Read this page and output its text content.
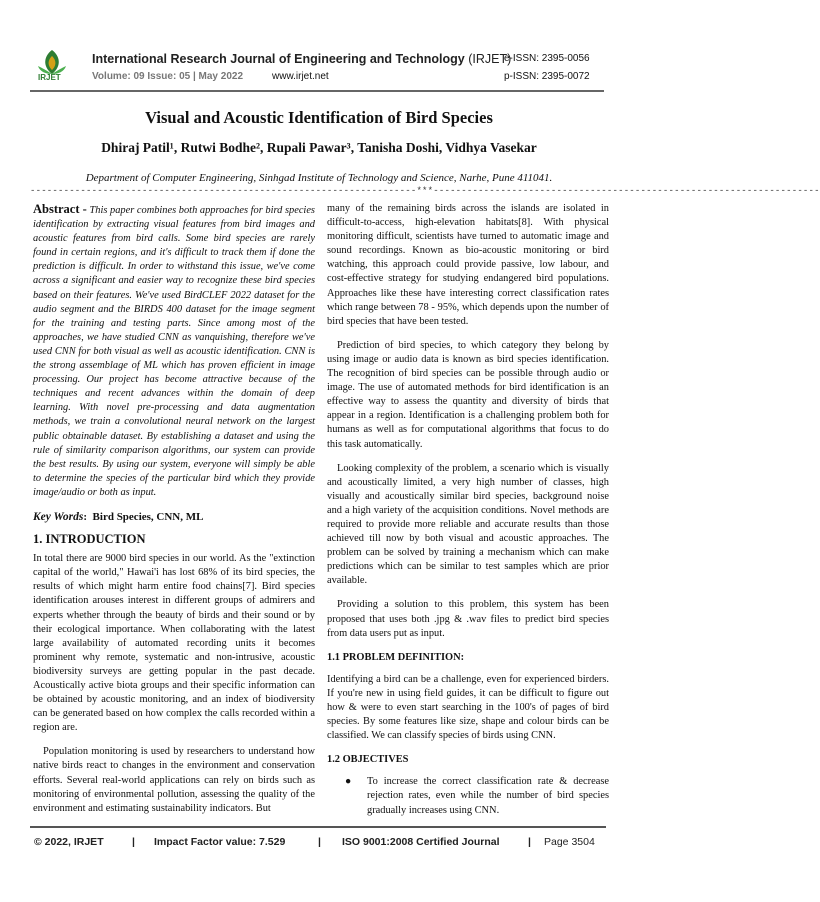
IRJET
International Research Journal of Engineering and Technology (IRJET)
e-ISSN: 2395-0056
Volume: 09 Issue: 05 | May 2022	www.irjet.net	p-ISSN: 2395-0072
Visual and Acoustic Identification of Bird Species
Dhiraj Patil¹, Rutwi Bodhe², Rupali Pawar³, Tanisha Doshi, Vidhya Vasekar
Department of Computer Engineering, Sinhgad Institute of Technology and Science, Narhe, Pune 411041.
---------------------------------------------------------------------***---------------------------------------------------------------------

Abstract - This paper combines both approaches for bird species identification by extracting visual features from bird images and acoustic features from bird calls. Some bird species are rarely found in certain regions, and it's difficult to track them if done the prediction is difficult. In order to withstand this issue, we've come across a significant and easier way to recognize these bird species based on their features. We've used BirdCLEF 2022 dataset for the audio segment and the BIRDS 400 dataset for the image segment for the training and testing parts. Since among most of the approaches, we have studied CNN as vanquishing, therefore we've used CNN for both visual as well as acoustic identification. CNN is the strong assemblage of ML which has proven efficient in image processing. Our project has become attractive because of the techniques and recent advances within the domain of deep learning. With novel pre-processing and data augmentation methods, we train a convolutional neural network on the largest public obtainable dataset. By establishing a dataset and using the rule of similarity comparison algorithms, our system can provide the best results. By using our system, everyone will simply be able to determine the species of the particular bird which they provide image/audio or both as input.

Key Words: Bird Species, CNN, ML
1. INTRODUCTION

In total there are 9000 bird species in our world. As the "extinction capital of the world," Hawai'i has lost 68% of its bird species, the results of which might harm entire food chains[7]. Bird species identification arouses interest in different groups of admirers and experts whether through the beauty of birds and their sound or by their ecological importance. When collaborating with the latest large availability of automated recording units it becomes prominent why remote, systematic and non-intrusive, acoustic biodiversity surveys are getting popular in the past decade. Acoustically active biota groups and their specific information can be obtained by acoustic monitoring, and an index of biodiversity can be generated based on how complex the calls recorded within a region are.

Population monitoring is used by researchers to understand how native birds react to changes in the environment and conservation efforts. Several real-world applications can rely on birds such as monitoring of environmental pollution, assessing the quality of the environment and estimating sustainability indicators. But

many of the remaining birds across the islands are isolated in difficult-to-access, high-elevation habitats[8]. With physical monitoring difficult, scientists have turned to automatic image and sound recordings. Known as bio-acoustic monitoring or bird watching, this approach could provide passive, low labour, and cost-effective strategy for studying endangered bird populations. Approaches like these have interesting correct classification rates which range between 78 - 95%, which depends upon the number of bird species that have been tested.

Prediction of bird species, to which category they belong by using image or audio data is known as bird species identification. The recognition of bird species can be possible through audio or image. The use of automated methods for bird identification is an effective way to assess the quantity and diversity of birds that appear in a region. Identification is a challenging problem both for humans as well as for computational algorithms that focus to do this task automatically.

Looking complexity of the problem, a scenario which is visually and acoustically limited, a very high number of classes, high visually and acoustically similar bird species, background noise and a high variety of the acquisition conditions. Novel methods are required to provide more reliable and accurate results than those achieved till now by both visual and acoustic approaches. The problem can be solved by training a mechanism which can make predictions which can be similar to test samples which are prior available.

Providing a solution to this problem, this system has been proposed that uses both .jpg & .wav files to predict bird species from data users put as input.

1.1 PROBLEM DEFINITION:

Identifying a bird can be a challenge, even for experienced birders. If you're new in using field guides, it can be difficult to figure out how & were to even start searching in the 100's of pages of bird species. By some features like size, shape and colour birds can be classified. We can classify species of birds using CNN.

1.2 OBJECTIVES
● To increase the correct classification rate & decrease rejection rates, even while the number of bird species gradually increases using CNN.
© 2022, IRJET	| Impact Factor value: 7.529	| ISO 9001:2008 Certified Journal	| Page 3504
